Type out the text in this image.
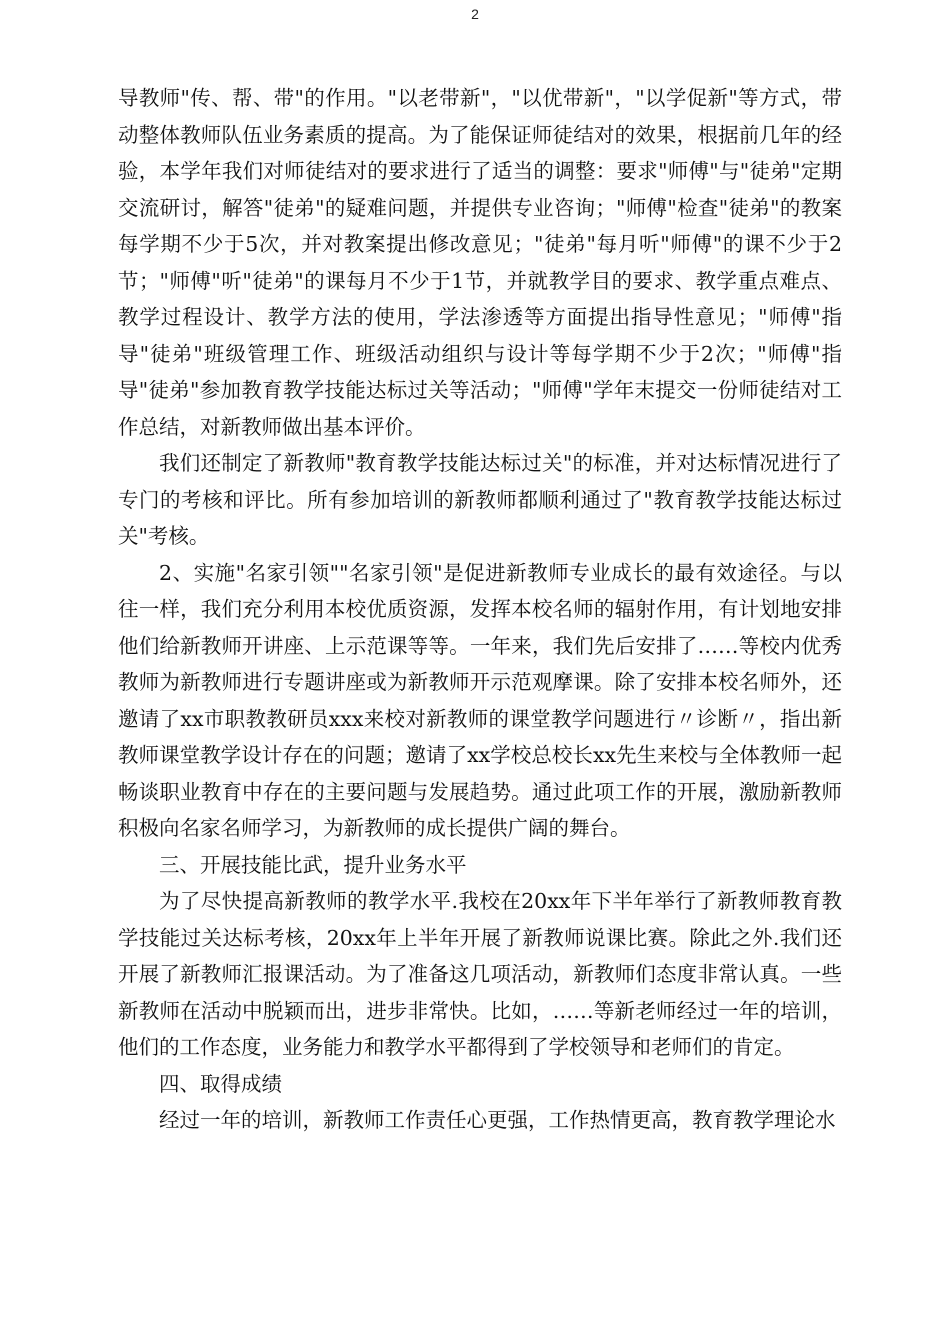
2

导教师"传、帮、带"的作用。"以老带新"，"以优带新"，"以学促新"等方式，带动整体教师队伍业务素质的提高。为了能保证师徒结对的效果，根据前几年的经验，本学年我们对师徒结对的要求进行了适当的调整：要求"师傅"与"徒弟"定期交流研讨，解答"徒弟"的疑难问题，并提供专业咨询；"师傅"检查"徒弟"的教案每学期不少于5次，并对教案提出修改意见；"徒弟"每月听"师傅"的课不少于2节；"师傅"听"徒弟"的课每月不少于1节，并就教学目的要求、教学重点难点、教学过程设计、教学方法的使用，学法渗透等方面提出指导性意见；"师傅"指导"徒弟"班级管理工作、班级活动组织与设计等每学期不少于2次；"师傅"指导"徒弟"参加教育教学技能达标过关等活动；"师傅"学年末提交一份师徒结对工作总结，对新教师做出基本评价。

我们还制定了新教师"教育教学技能达标过关"的标准，并对达标情况进行了专门的考核和评比。所有参加培训的新教师都顺利通过了"教育教学技能达标过关"考核。

2、实施"名家引领""名家引领"是促进新教师专业成长的最有效途径。与以往一样，我们充分利用本校优质资源，发挥本校名师的辐射作用，有计划地安排他们给新教师开讲座、上示范课等等。一年来，我们先后安排了……等校内优秀教师为新教师进行专题讲座或为新教师开示范观摩课。除了安排本校名师外，还邀请了xx市职教教研员xxx来校对新教师的课堂教学问题进行〃诊断〃，指出新教师课堂教学设计存在的问题；邀请了xx学校总校长xx先生来校与全体教师一起畅谈职业教育中存在的主要问题与发展趋势。通过此项工作的开展，激励新教师积极向名家名师学习，为新教师的成长提供广阔的舞台。

三、开展技能比武，提升业务水平

为了尽快提高新教师的教学水平.我校在20xx年下半年举行了新教师教育教学技能过关达标考核，20xx年上半年开展了新教师说课比赛。除此之外.我们还开展了新教师汇报课活动。为了准备这几项活动，新教师们态度非常认真。一些新教师在活动中脱颖而出，进步非常快。比如，……等新老师经过一年的培训，他们的工作态度，业务能力和教学水平都得到了学校领导和老师们的肯定。

四、取得成绩

经过一年的培训，新教师工作责任心更强，工作热情更高，教育教学理论水
